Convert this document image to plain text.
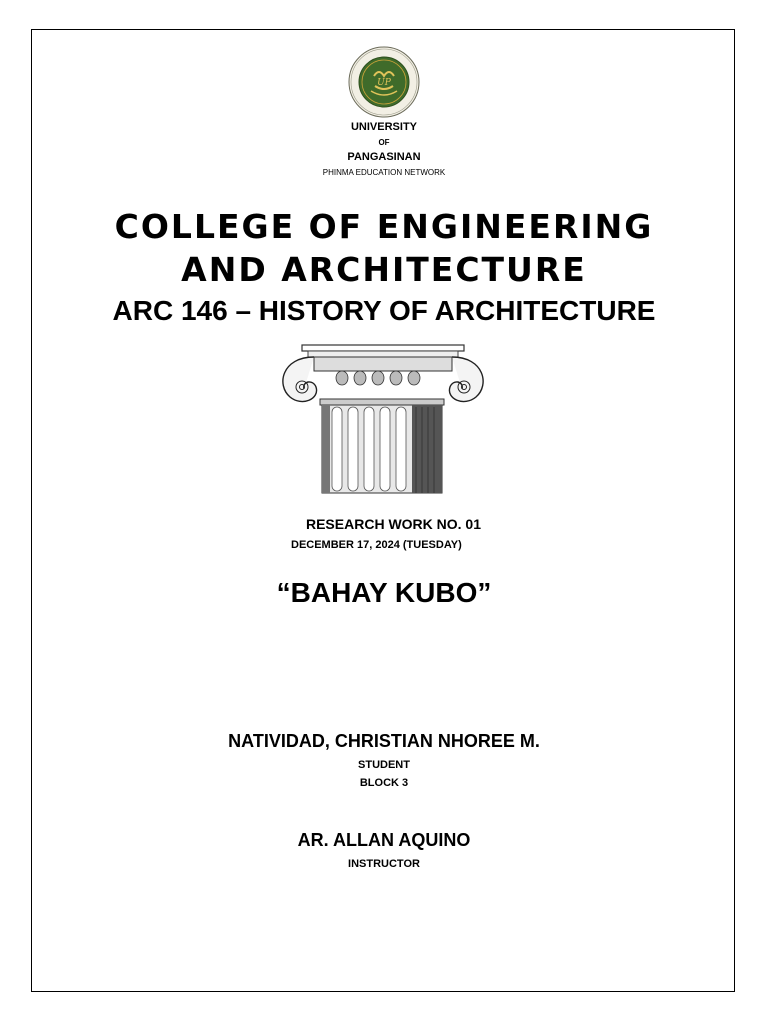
UP
UNIVERSITY
OF
PANGASINAN
PHINMA EDUCATION NETWORK
COLLEGE OF ENGINEERING
AND ARCHITECTURE
ARC 146 – HISTORY OF ARCHITECTURE
RESEARCH WORK NO. 01
DECEMBER 17, 2024 (TUESDAY)
“BAHAY KUBO”
NATIVIDAD, CHRISTIAN NHOREE M.
STUDENT
BLOCK 3
AR. ALLAN AQUINO
INSTRUCTOR
